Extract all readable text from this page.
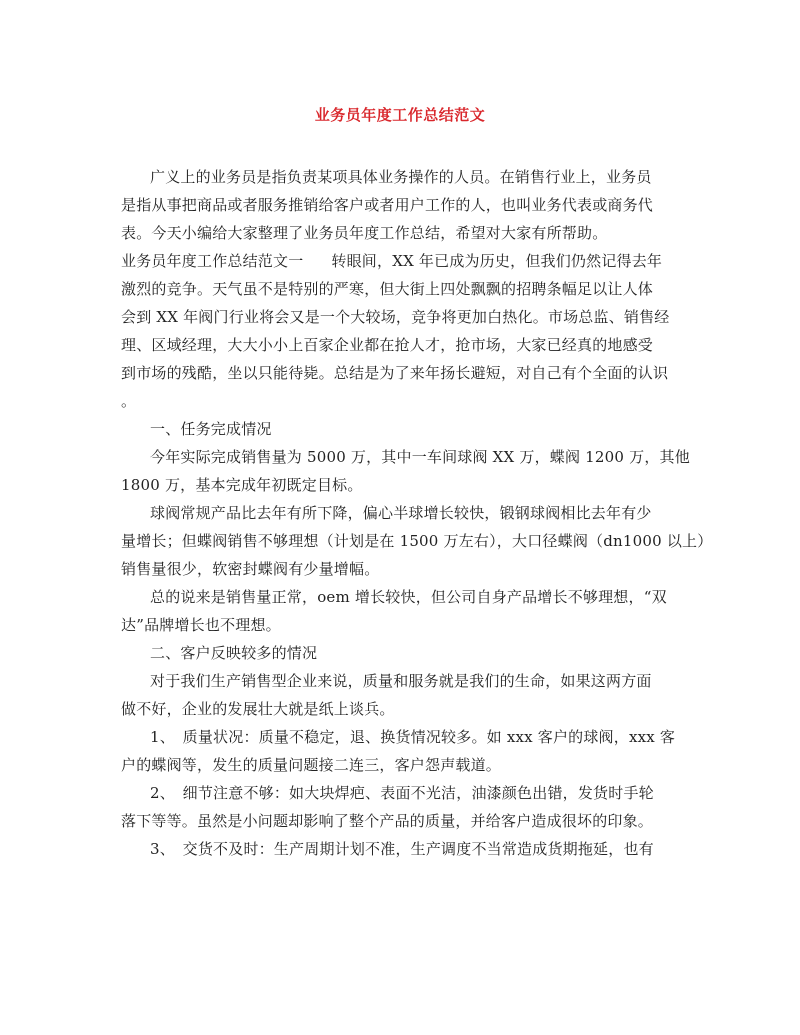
业务员年度工作总结范文
广义上的业务员是指负责某项具体业务操作的人员。在销售行业上，业务员
是指从事把商品或者服务推销给客户或者用户工作的人，也叫业务代表或商务代
表。今天小编给大家整理了业务员年度工作总结，希望对大家有所帮助。
业务员年度工作总结范文一 转眼间，XX 年已成为历史，但我们仍然记得去年
激烈的竞争。天气虽不是特别的严寒，但大街上四处飘飘的招聘条幅足以让人体
会到 XX 年阀门行业将会又是一个大较场，竞争将更加白热化。市场总监、销售经
理、区域经理，大大小小上百家企业都在抢人才，抢市场，大家已经真的地感受
到市场的残酷，坐以只能待毙。总结是为了来年扬长避短，对自己有个全面的认识
。
一、任务完成情况
今年实际完成销售量为 5000 万，其中一车间球阀 XX 万，蝶阀 1200 万，其他
1800 万，基本完成年初既定目标。
球阀常规产品比去年有所下降，偏心半球增长较快，锻钢球阀相比去年有少
量增长；但蝶阀销售不够理想（计划是在 1500 万左右），大口径蝶阀（dn1000 以上）
销售量很少，软密封蝶阀有少量增幅。
总的说来是销售量正常，oem 增长较快，但公司自身产品增长不够理想，“双
达”品牌增长也不理想。
二、客户反映较多的情况
对于我们生产销售型企业来说，质量和服务就是我们的生命，如果这两方面
做不好，企业的发展壮大就是纸上谈兵。
1、　质量状况：质量不稳定，退、换货情况较多。如 xxx 客户的球阀，xxx 客
户的蝶阀等，发生的质量问题接二连三，客户怨声载道。
2、　细节注意不够：如大块焊疤、表面不光洁，油漆颜色出错，发货时手轮
落下等等。虽然是小问题却影响了整个产品的质量，并给客户造成很坏的印象。
3、　交货不及时：生产周期计划不准，生产调度不当常造成货期拖延，也有
